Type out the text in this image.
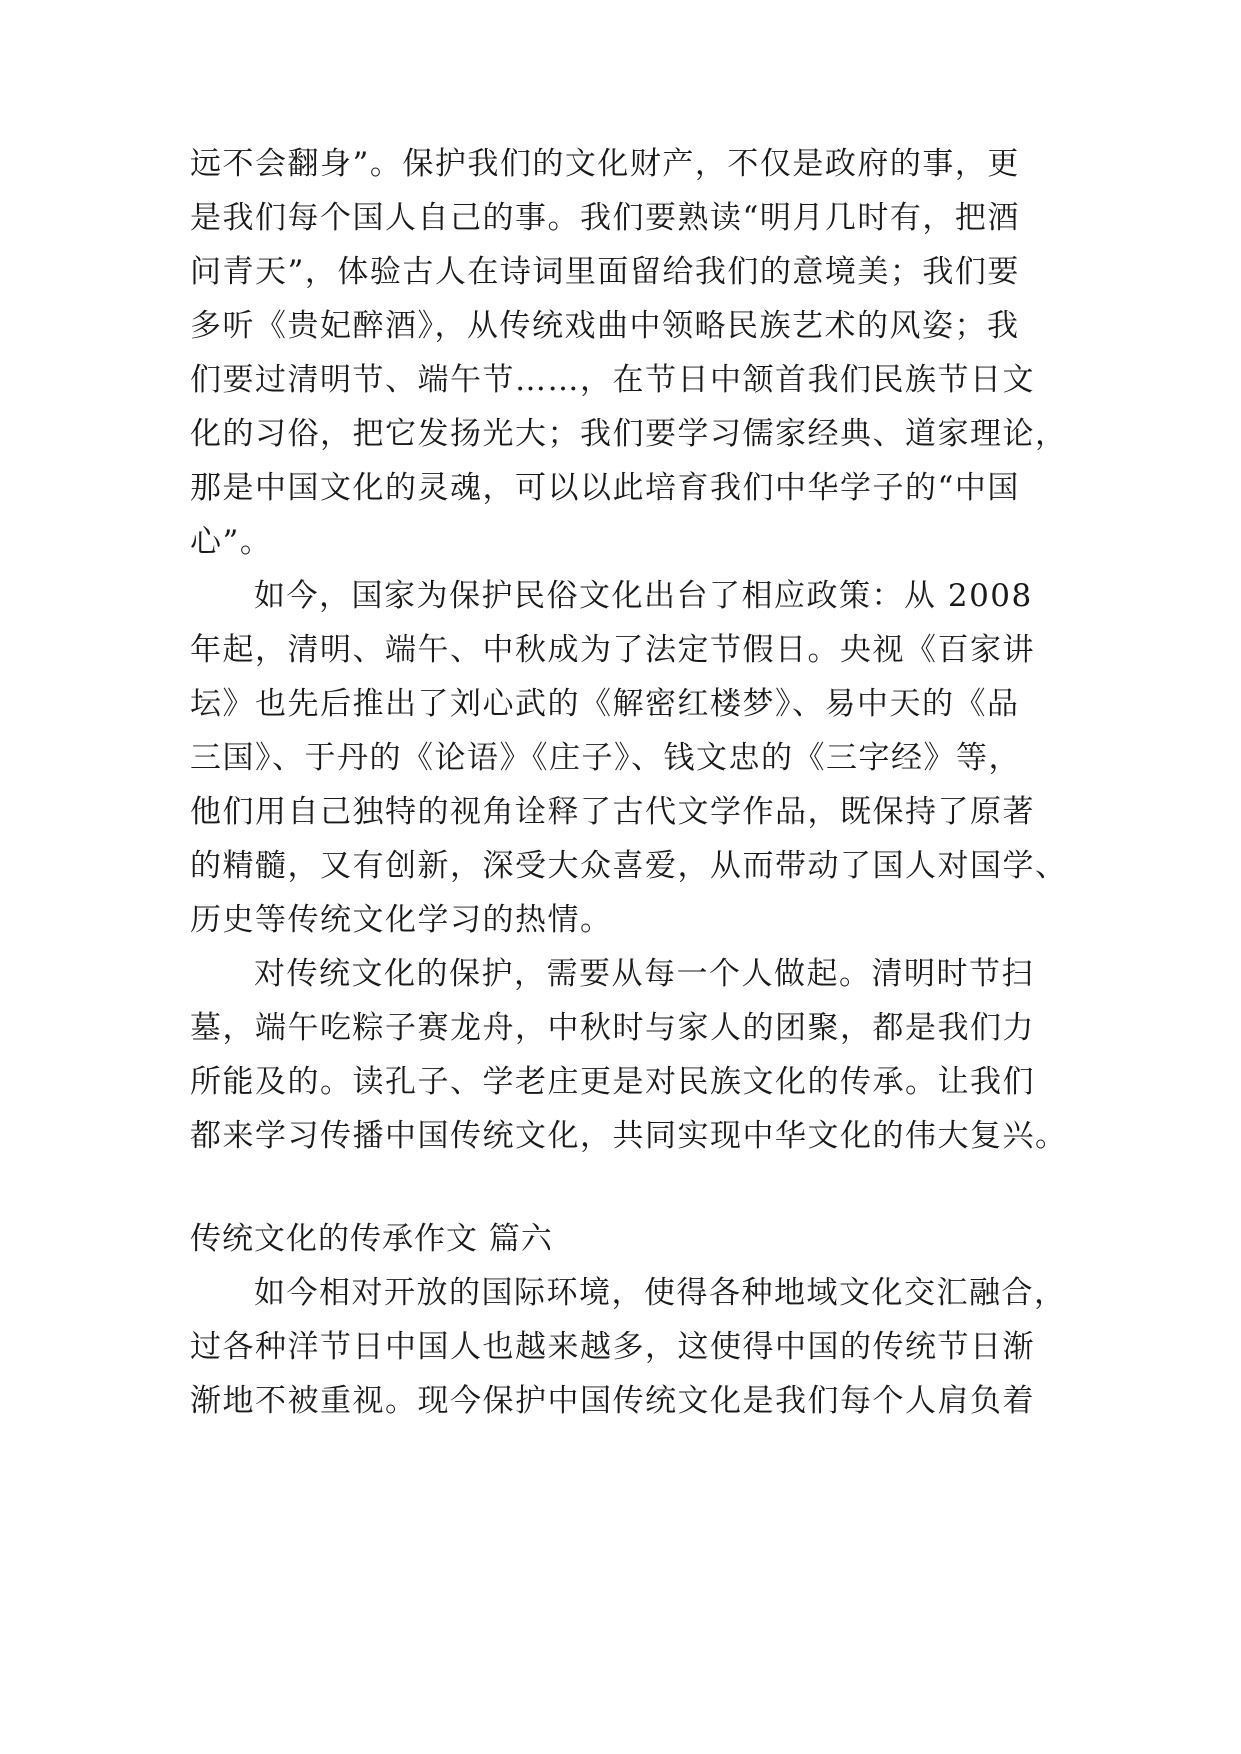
远不会翻身”。保护我们的文化财产，不仅是政府的事，更
是我们每个国人自己的事。我们要熟读“明月几时有，把酒
问青天”，体验古人在诗词里面留给我们的意境美；我们要
多听《贵妃醉酒》，从传统戏曲中领略民族艺术的风姿；我
们要过清明节、端午节……，在节日中颔首我们民族节日文
化的习俗，把它发扬光大；我们要学习儒家经典、道家理论，
那是中国文化的灵魂，可以以此培育我们中华学子的“中国
心”。
如今，国家为保护民俗文化出台了相应政策：从 2008
年起，清明、端午、中秋成为了法定节假日。央视《百家讲
坛》也先后推出了刘心武的《解密红楼梦》、易中天的《品
三国》、于丹的《论语》《庄子》、钱文忠的《三字经》等，
他们用自己独特的视角诠释了古代文学作品，既保持了原著
的精髓，又有创新，深受大众喜爱，从而带动了国人对国学、
历史等传统文化学习的热情。
对传统文化的保护，需要从每一个人做起。清明时节扫
墓，端午吃粽子赛龙舟，中秋时与家人的团聚，都是我们力
所能及的。读孔子、学老庄更是对民族文化的传承。让我们
都来学习传播中国传统文化，共同实现中华文化的伟大复兴。
传统文化的传承作文 篇六
如今相对开放的国际环境，使得各种地域文化交汇融合，
过各种洋节日中国人也越来越多，这使得中国的传统节日渐
渐地不被重视。现今保护中国传统文化是我们每个人肩负着
